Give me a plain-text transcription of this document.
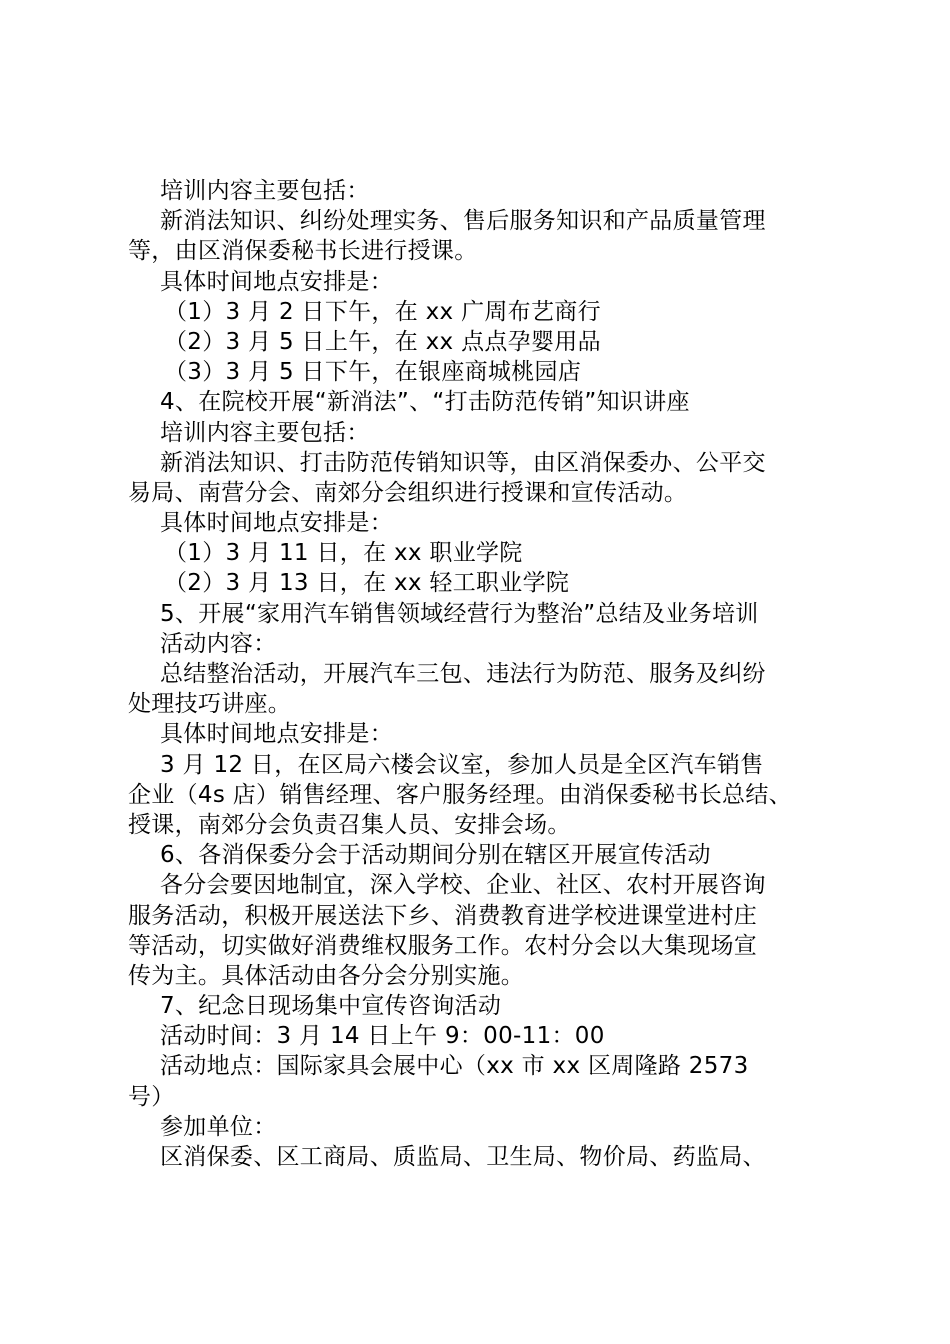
培训内容主要包括：
新消法知识、纠纷处理实务、售后服务知识和产品质量管理
等，由区消保委秘书长进行授课。
具体时间地点安排是：
（1）3 月 2 日下午，在 xx 广周布艺商行
（2）3 月 5 日上午，在 xx 点点孕婴用品
（3）3 月 5 日下午，在银座商城桃园店
4、在院校开展“新消法”、“打击防范传销”知识讲座
培训内容主要包括：
新消法知识、打击防范传销知识等，由区消保委办、公平交
易局、南营分会、南郊分会组织进行授课和宣传活动。
具体时间地点安排是：
（1）3 月 11 日，在 xx 职业学院
（2）3 月 13 日，在 xx 轻工职业学院
5、开展“家用汽车销售领域经营行为整治”总结及业务培训
活动内容：
总结整治活动，开展汽车三包、违法行为防范、服务及纠纷
处理技巧讲座。
具体时间地点安排是：
3 月 12 日，在区局六楼会议室，参加人员是全区汽车销售
企业（4s 店）销售经理、客户服务经理。由消保委秘书长总结、
授课，南郊分会负责召集人员、安排会场。
6、各消保委分会于活动期间分别在辖区开展宣传活动
各分会要因地制宜，深入学校、企业、社区、农村开展咨询
服务活动，积极开展送法下乡、消费教育进学校进课堂进村庄
等活动，切实做好消费维权服务工作。农村分会以大集现场宣
传为主。具体活动由各分会分别实施。
7、纪念日现场集中宣传咨询活动
活动时间：3 月 14 日上午 9：00-11：00
活动地点：国际家具会展中心（xx 市 xx 区周隆路 2573
号）
参加单位：
区消保委、区工商局、质监局、卫生局、物价局、药监局、
